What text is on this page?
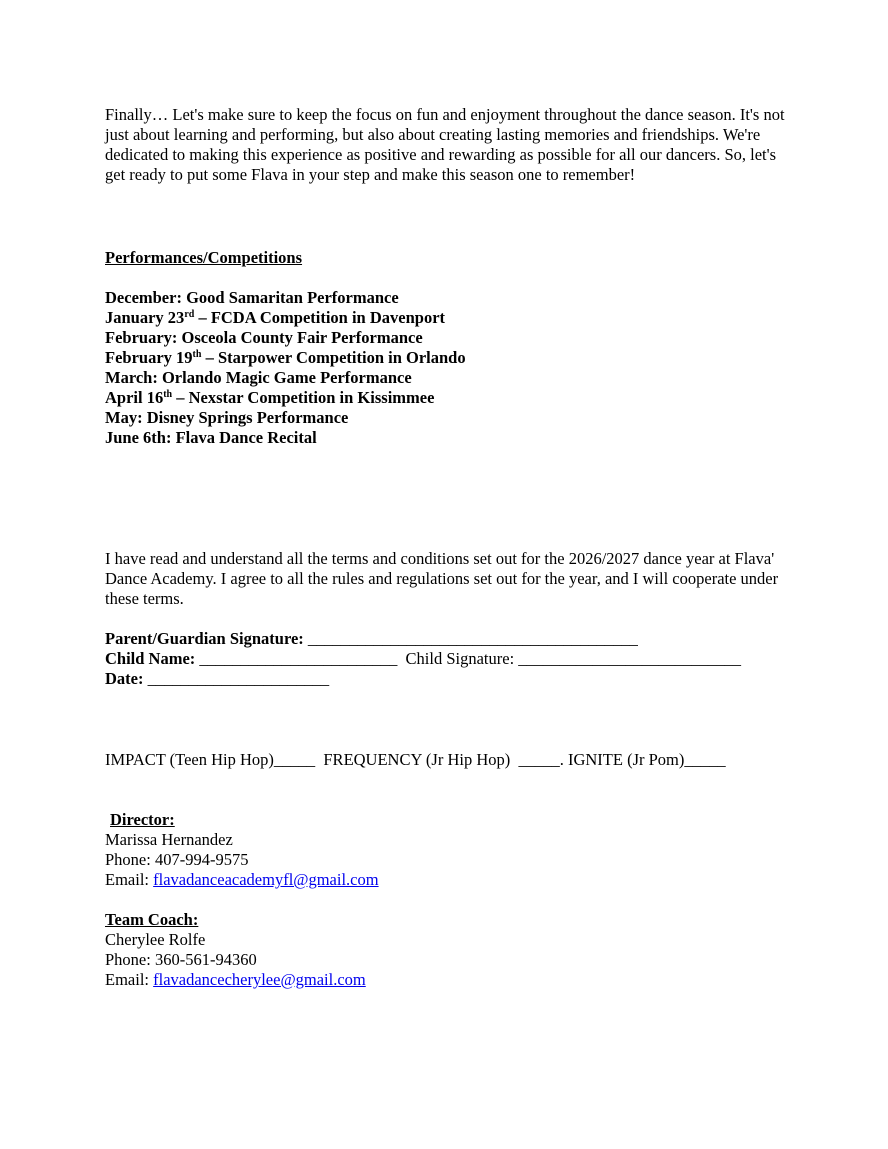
Finally… Let's make sure to keep the focus on fun and enjoyment throughout the dance season. It's not just about learning and performing, but also about creating lasting memories and friendships. We're dedicated to making this experience as positive and rewarding as possible for all our dancers. So, let's get ready to put some Flava in your step and make this season one to remember!

Performances/Competitions
December: Good Samaritan Performance
January 23rd – FCDA Competition in Davenport
February: Osceola County Fair Performance
February 19th – Starpower Competition in Orlando
March: Orlando Magic Game Performance
April 16th – Nexstar Competition in Kissimmee
May: Disney Springs Performance
June 6th: Flava Dance Recital

I have read and understand all the terms and conditions set out for the 2026/2027 dance year at Flava' Dance Academy. I agree to all the rules and regulations set out for the year, and I will cooperate under these terms.

Parent/Guardian Signature: ________________________________________
Child Name: ________________________ Child Signature: ___________________________
Date: ______________________
IMPACT (Teen Hip Hop)_____  FREQUENCY (Jr Hip Hop)  _____. IGNITE (Jr Pom)_____
Director:
Marissa Hernandez
Phone: 407-994-9575
Email: flavadanceacademyfl@gmail.com
Team Coach:
Cherylee Rolfe
Phone: 360-561-94360
Email: flavadancecherylee@gmail.com
